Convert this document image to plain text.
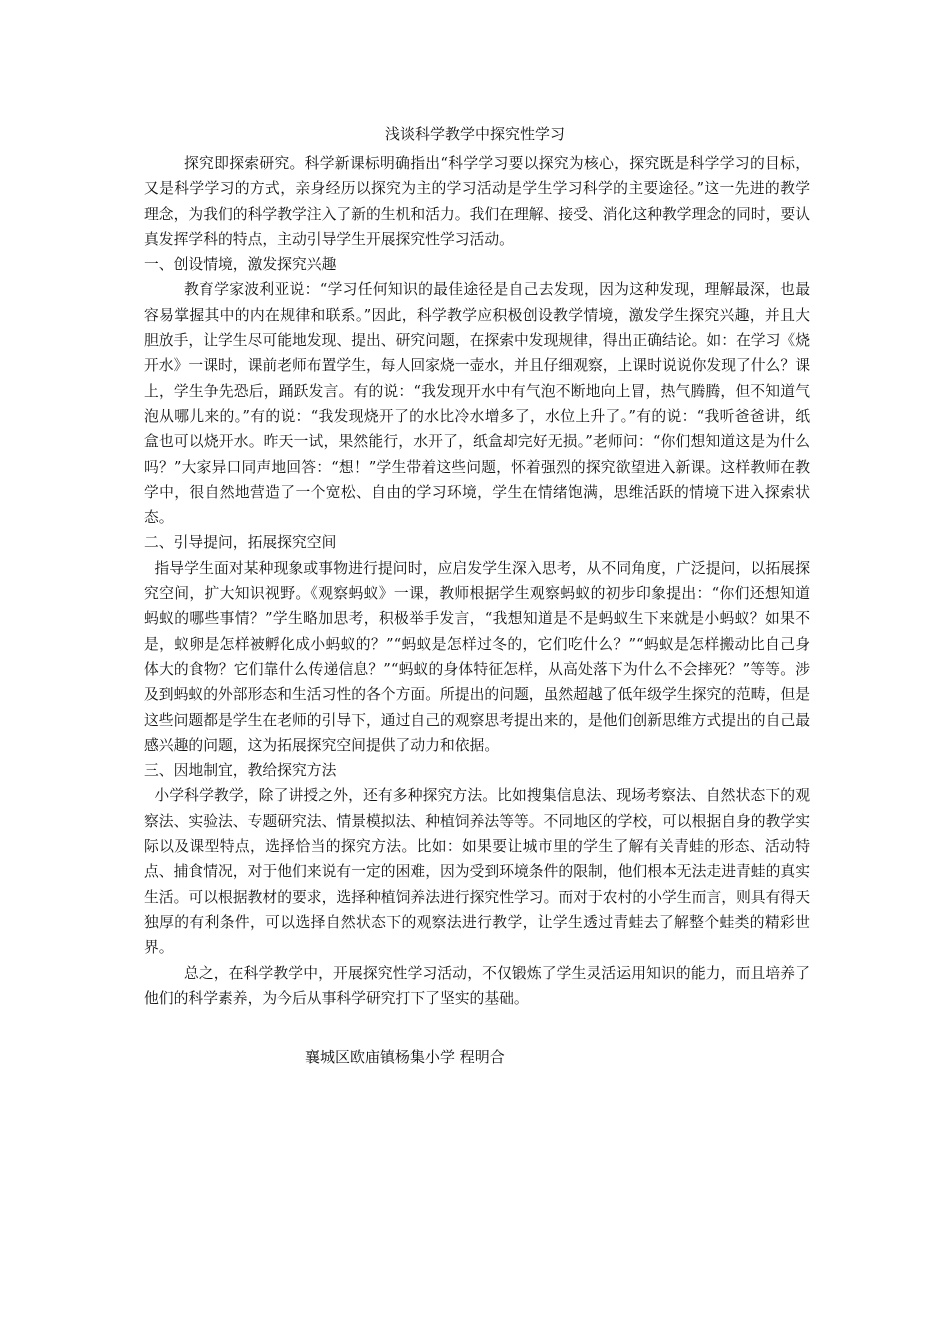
浅谈科学教学中探究性学习

探究即探索研究。科学新课标明确指出“科学学习要以探究为核心，探究既是科学学习的目标，又是科学学习的方式，亲身经历以探究为主的学习活动是学生学习科学的主要途径。”这一先进的教学理念，为我们的科学教学注入了新的生机和活力。我们在理解、接受、消化这种教学理念的同时，要认真发挥学科的特点，主动引导学生开展探究性学习活动。

一、创设情境，激发探究兴趣

教育学家波利亚说：“学习任何知识的最佳途径是自己去发现，因为这种发现，理解最深，也最容易掌握其中的内在规律和联系。”因此，科学教学应积极创设教学情境，激发学生探究兴趣，并且大胆放手，让学生尽可能地发现、提出、研究问题，在探索中发现规律，得出正确结论。如：在学习《烧开水》一课时，课前老师布置学生，每人回家烧一壶水，并且仔细观察，上课时说说你发现了什么？课上，学生争先恐后，踊跃发言。有的说：“我发现开水中有气泡不断地向上冒，热气腾腾，但不知道气泡从哪儿来的。”有的说：“我发现烧开了的水比冷水增多了，水位上升了。”有的说：“我听爸爸讲，纸盒也可以烧开水。昨天一试，果然能行，水开了，纸盒却完好无损。”老师问：“你们想知道这是为什么吗？”大家异口同声地回答：“想！”学生带着这些问题，怀着强烈的探究欲望进入新课。这样教师在教学中，很自然地营造了一个宽松、自由的学习环境，学生在情绪饱满，思维活跃的情境下进入探索状态。

二、引导提问，拓展探究空间

指导学生面对某种现象或事物进行提问时，应启发学生深入思考，从不同角度，广泛提问，以拓展探究空间，扩大知识视野。《观察蚂蚁》一课，教师根据学生观察蚂蚁的初步印象提出：“你们还想知道蚂蚁的哪些事情？”学生略加思考，积极举手发言，“我想知道是不是蚂蚁生下来就是小蚂蚁？如果不是，蚁卵是怎样被孵化成小蚂蚁的？”“蚂蚁是怎样过冬的，它们吃什么？”“蚂蚁是怎样搬动比自己身体大的食物？它们靠什么传递信息？”“蚂蚁的身体特征怎样，从高处落下为什么不会摔死？”等等。涉及到蚂蚁的外部形态和生活习性的各个方面。所提出的问题，虽然超越了低年级学生探究的范畴，但是这些问题都是学生在老师的引导下，通过自己的观察思考提出来的，是他们创新思维方式提出的自己最感兴趣的问题，这为拓展探究空间提供了动力和依据。

三、因地制宜，教给探究方法

小学科学教学，除了讲授之外，还有多种探究方法。比如搜集信息法、现场考察法、自然状态下的观察法、实验法、专题研究法、情景模拟法、种植饲养法等等。不同地区的学校，可以根据自身的教学实际以及课型特点，选择恰当的探究方法。比如：如果要让城市里的学生了解有关青蛙的形态、活动特点、捕食情况，对于他们来说有一定的困难，因为受到环境条件的限制，他们根本无法走进青蛙的真实生活。可以根据教材的要求，选择种植饲养法进行探究性学习。而对于农村的小学生而言，则具有得天独厚的有利条件，可以选择自然状态下的观察法进行教学，让学生透过青蛙去了解整个蛙类的精彩世界。

总之，在科学教学中，开展探究性学习活动，不仅锻炼了学生灵活运用知识的能力，而且培养了他们的科学素养，为今后从事科学研究打下了坚实的基础。

襄城区欧庙镇杨集小学 程明合
